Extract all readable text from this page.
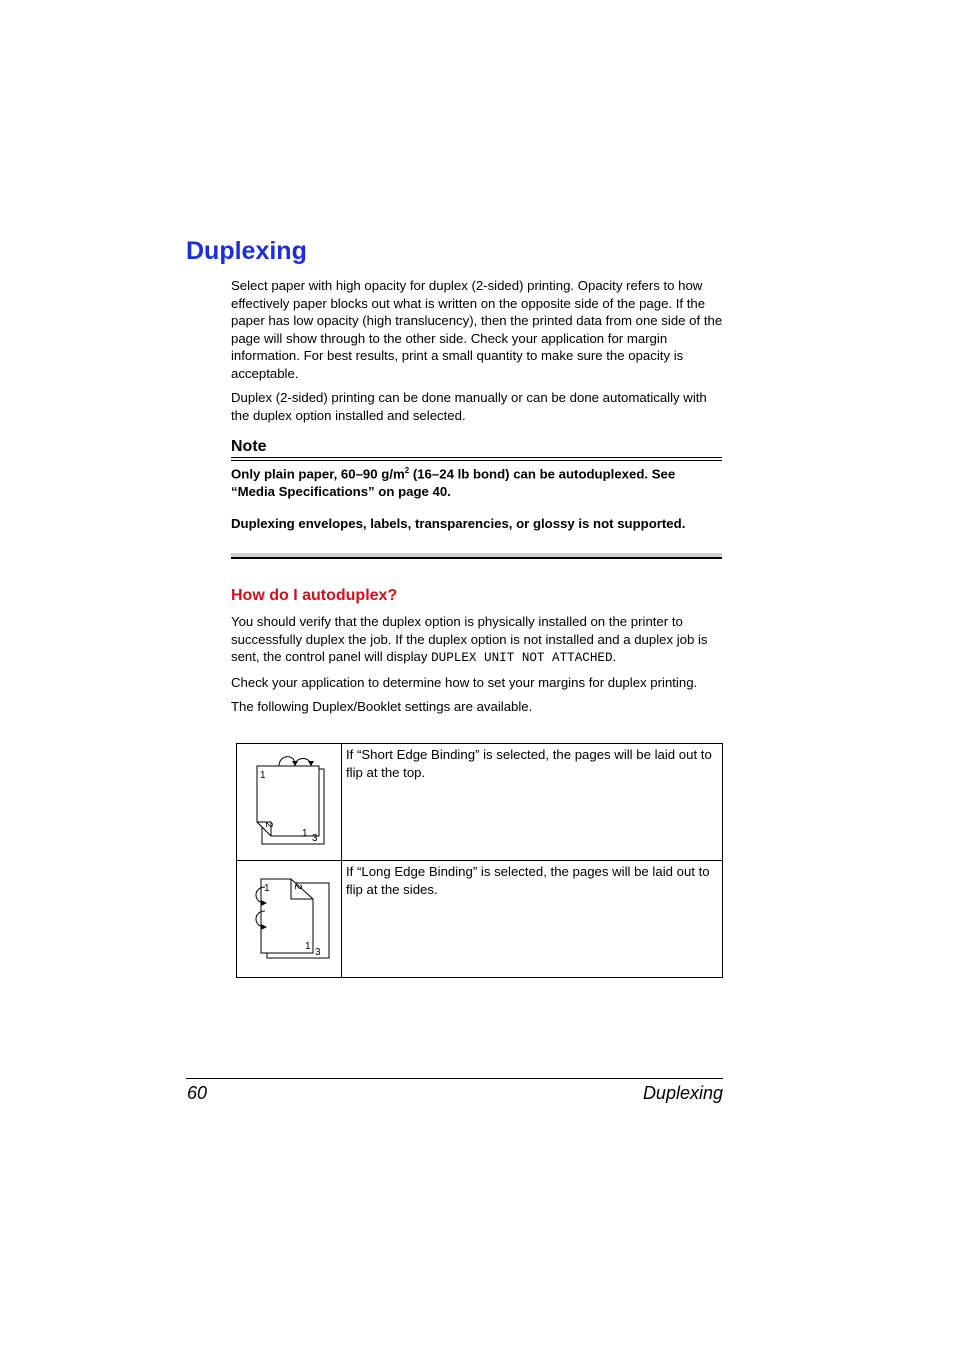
Duplexing

Select paper with high opacity for duplex (2-sided) printing. Opacity refers to how effectively paper blocks out what is written on the opposite side of the page. If the paper has low opacity (high translucency), then the printed data from one side of the page will show through to the other side. Check your application for margin information. For best results, print a small quantity to make sure the opacity is acceptable.

Duplex (2-sided) printing can be done manually or can be done automatically with the duplex option installed and selected.

Note

Only plain paper, 60–90 $g/m^2$ (16–24 lb bond) can be autoduplexed. See “Media Specifications” on page 40.

Duplexing envelopes, labels, transparencies, or glossy is not supported.

How do I autoduplex?

You should verify that the duplex option is physically installed on the printer to successfully duplex the job. If the duplex option is not installed and a duplex job is sent, the control panel will display DUPLEX UNIT NOT ATTACHED.

Check your application to determine how to set your margins for duplex printing.

The following Duplex/Booklet settings are available.

1
2
1 3	If “Short Edge Binding” is selected, the pages will be laid out to flip at the top.

1 2
1
3	If “Long Edge Binding” is selected, the pages will be laid out to flip at the sides.
60	Duplexing
